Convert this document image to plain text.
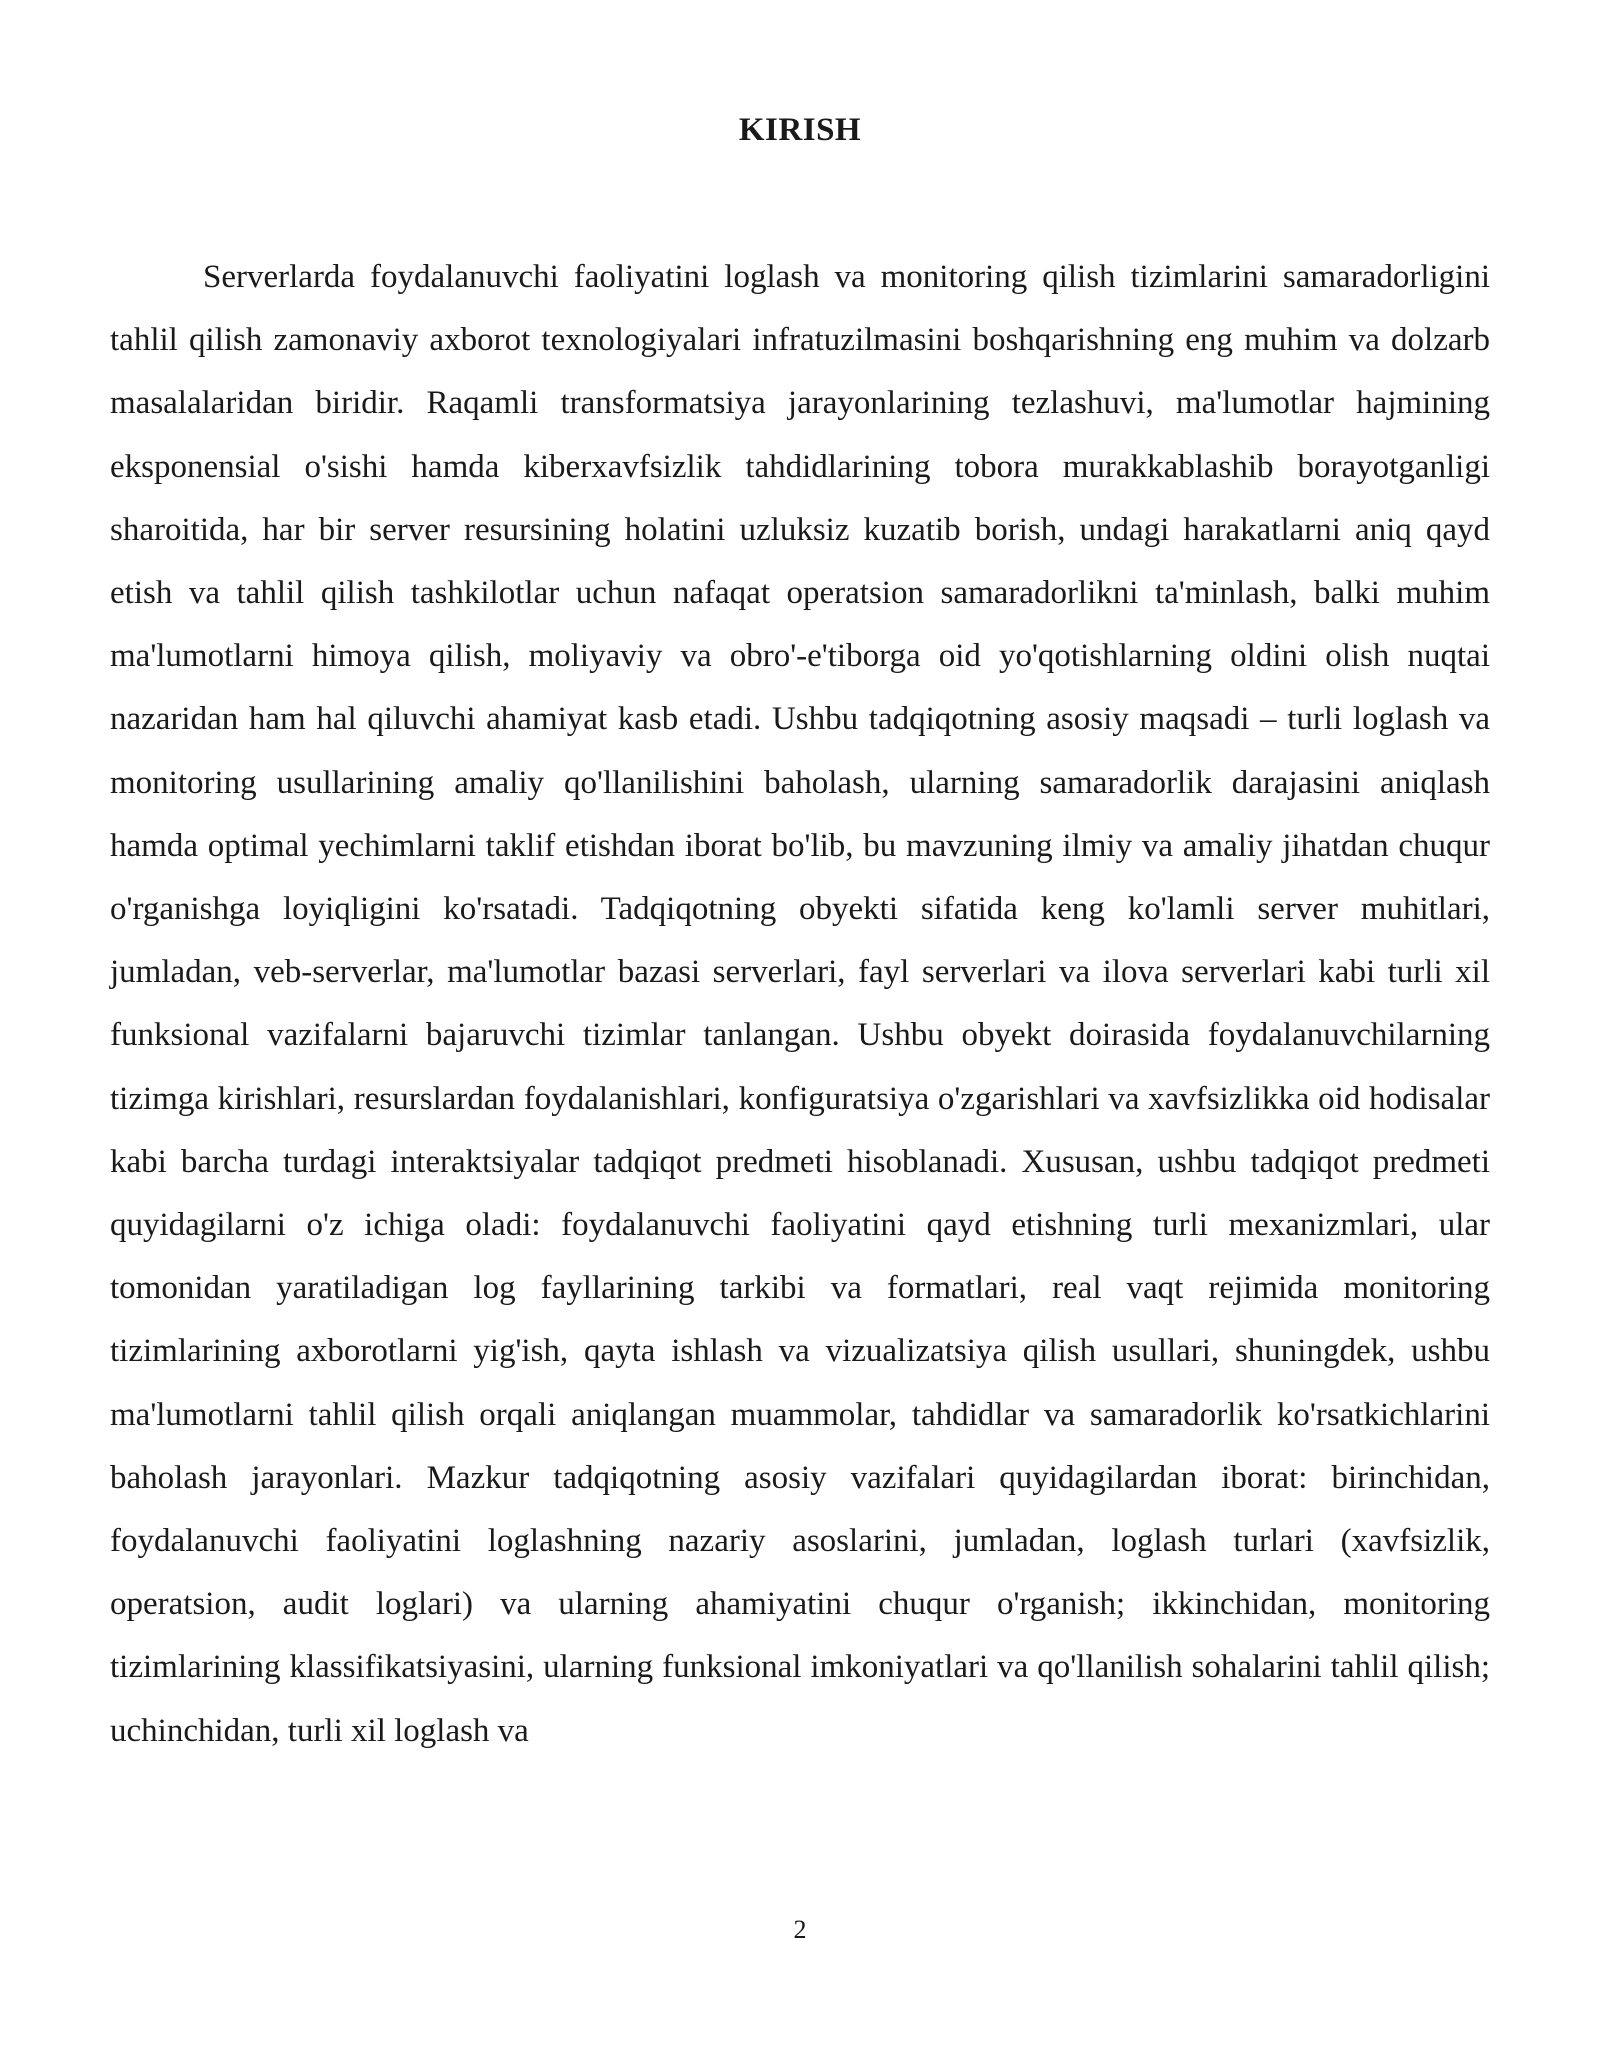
KIRISH

Serverlarda foydalanuvchi faoliyatini loglash va monitoring qilish tizimlarini samaradorligini tahlil qilish zamonaviy axborot texnologiyalari infratuzilmasini boshqarishning eng muhim va dolzarb masalalaridan biridir. Raqamli transformatsiya jarayonlarining tezlashuvi, ma'lumotlar hajmining eksponensial o'sishi hamda kiberxavfsizlik tahdidlarining tobora murakkablashib borayotganligi sharoitida, har bir server resursining holatini uzluksiz kuzatib borish, undagi harakatlarni aniq qayd etish va tahlil qilish tashkilotlar uchun nafaqat operatsion samaradorlikni ta'minlash, balki muhim ma'lumotlarni himoya qilish, moliyaviy va obro'-e'tiborga oid yo'qotishlarning oldini olish nuqtai nazaridan ham hal qiluvchi ahamiyat kasb etadi. Ushbu tadqiqotning asosiy maqsadi – turli loglash va monitoring usullarining amaliy qo'llanilishini baholash, ularning samaradorlik darajasini aniqlash hamda optimal yechimlarni taklif etishdan iborat bo'lib, bu mavzuning ilmiy va amaliy jihatdan chuqur o'rganishga loyiqligini ko'rsatadi. Tadqiqotning obyekti sifatida keng ko'lamli server muhitlari, jumladan, veb-serverlar, ma'lumotlar bazasi serverlari, fayl serverlari va ilova serverlari kabi turli xil funksional vazifalarni bajaruvchi tizimlar tanlangan. Ushbu obyekt doirasida foydalanuvchilarning tizimga kirishlari, resurslardan foydalanishlari, konfiguratsiya o'zgarishlari va xavfsizlikka oid hodisalar kabi barcha turdagi interaktsiyalar tadqiqot predmeti hisoblanadi. Xususan, ushbu tadqiqot predmeti quyidagilarni o'z ichiga oladi: foydalanuvchi faoliyatini qayd etishning turli mexanizmlari, ular tomonidan yaratiladigan log fayllarining tarkibi va formatlari, real vaqt rejimida monitoring tizimlarining axborotlarni yig'ish, qayta ishlash va vizualizatsiya qilish usullari, shuningdek, ushbu ma'lumotlarni tahlil qilish orqali aniqlangan muammolar, tahdidlar va samaradorlik ko'rsatkichlarini baholash jarayonlari. Mazkur tadqiqotning asosiy vazifalari quyidagilardan iborat: birinchidan, foydalanuvchi faoliyatini loglashning nazariy asoslarini, jumladan, loglash turlari (xavfsizlik, operatsion, audit loglari) va ularning ahamiyatini chuqur o'rganish; ikkinchidan, monitoring tizimlarining klassifikatsiyasini, ularning funksional imkoniyatlari va qo'llanilish sohalarini tahlil qilish; uchinchidan, turli xil loglash va

2
